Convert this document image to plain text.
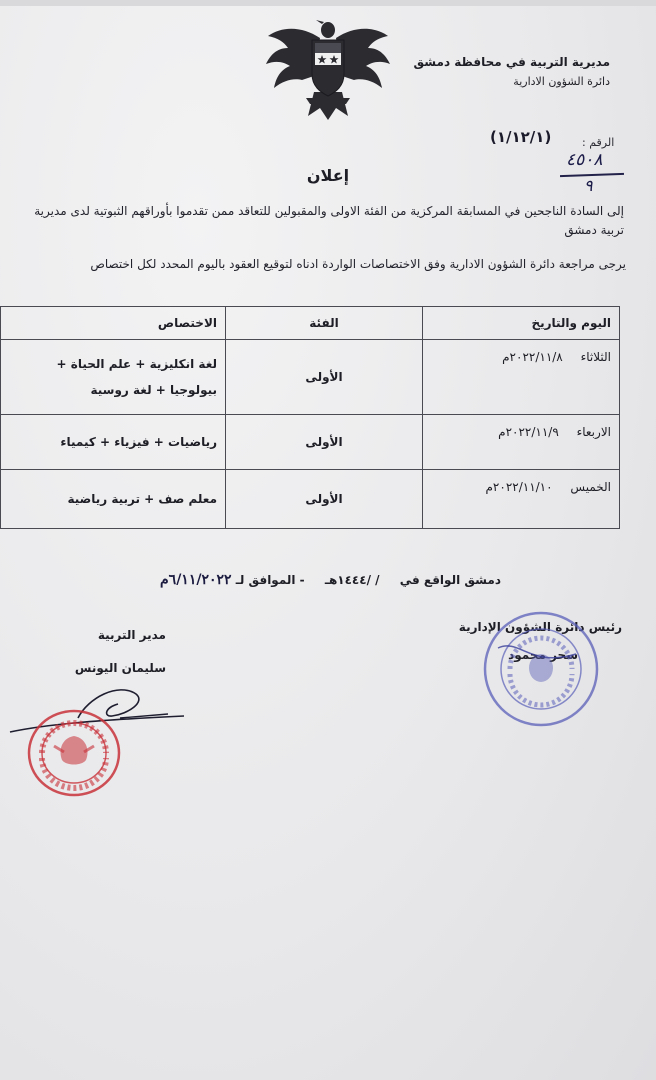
مديرية التربية في محافظة دمشق
دائرة الشؤون الادارية
الرقم :
(١/١٢/١)
٤٥٠٨
٩
إعلان
إلى السادة الناجحين في المسابقة المركزية من الفئة الاولى والمقبولين للتعاقد ممن تقدموا بأوراقهم الثبوتية لدى مديرية تربية دمشق
يرجى مراجعة دائرة الشؤون الادارية وفق الاختصاصات الواردة ادناه لتوقيع العقود باليوم المحدد لكل اختصاص
اليوم والتاريخ	الفئة	الاختصاص
الثلاثاء ٢٠٢٢/١١/٨م	الأولى	لغة انكليزية + علم الحياة + بيولوجيا + لغة روسية
الاربعاء ٢٠٢٢/١١/٩م	الأولى	رياضيات + فيزياء + كيمياء
الخميس ٢٠٢٢/١١/١٠م	الأولى	معلم صف + تربية رياضية
دمشق الواقع في / /١٤٤٤هـ - الموافق لـ ٦/١١/٢٠٢٢م
رئيس دائرة الشؤون الإدارية
سحر محمود
مدير التربية
سليمان اليونس
